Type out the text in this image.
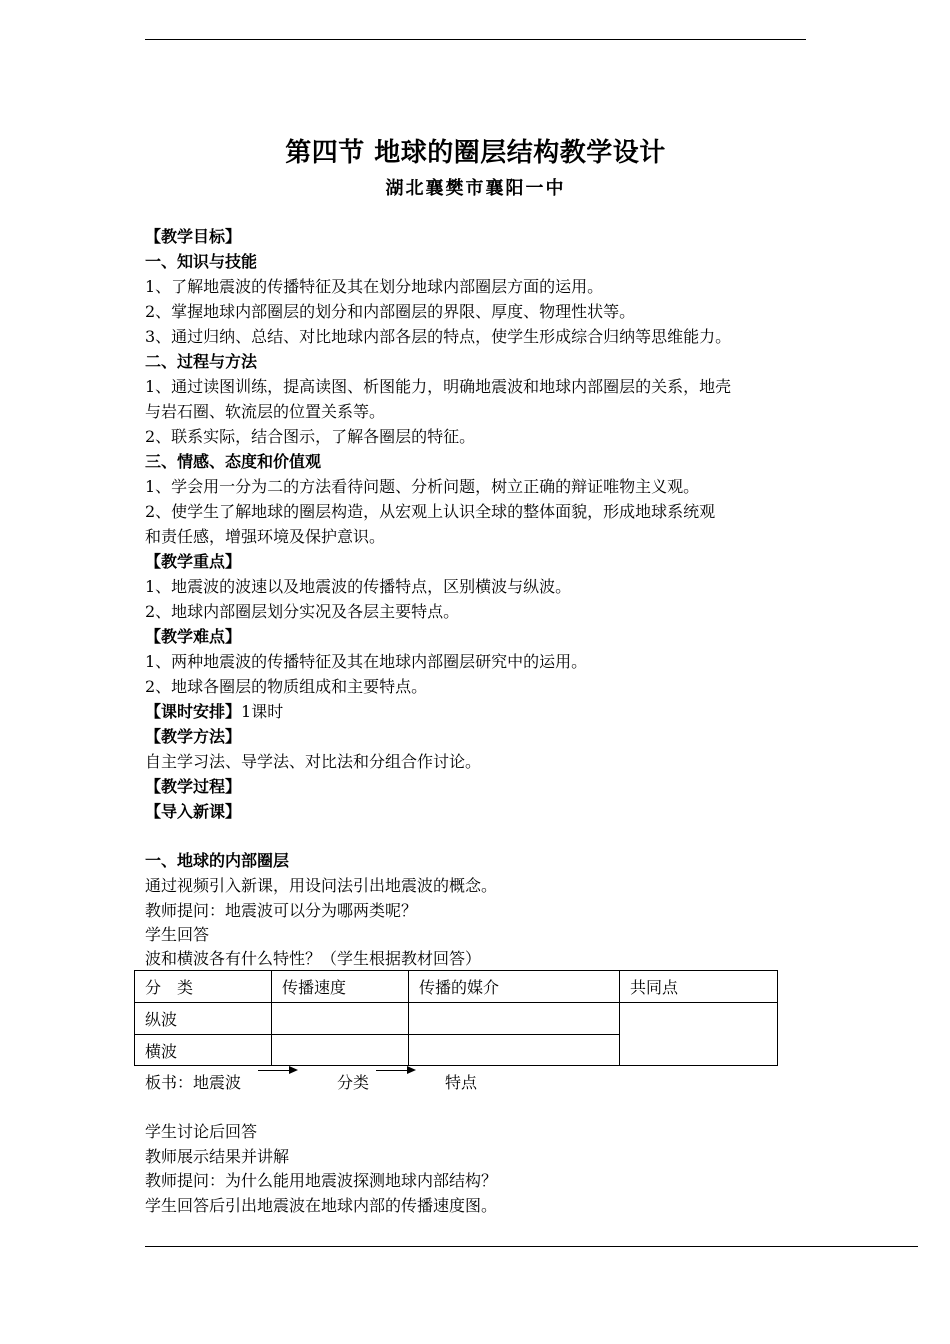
第四节 地球的圈层结构教学设计
湖北襄樊市襄阳一中
【教学目标】
一、知识与技能
1、了解地震波的传播特征及其在划分地球内部圈层方面的运用。
2、掌握地球内部圈层的划分和内部圈层的界限、厚度、物理性状等。
3、通过归纳、总结、对比地球内部各层的特点，使学生形成综合归纳等思维能力。
二、过程与方法
1、通过读图训练，提高读图、析图能力，明确地震波和地球内部圈层的关系，地壳
与岩石圈、软流层的位置关系等。
2、联系实际，结合图示，了解各圈层的特征。
三、情感、态度和价值观
1、学会用一分为二的方法看待问题、分析问题，树立正确的辩证唯物主义观。
2、使学生了解地球的圈层构造，从宏观上认识全球的整体面貌，形成地球系统观
和责任感，增强环境及保护意识。
【教学重点】
1、地震波的波速以及地震波的传播特点，区别横波与纵波。
2、地球内部圈层划分实况及各层主要特点。
【教学难点】
1、两种地震波的传播特征及其在地球内部圈层研究中的运用。
2、地球各圈层的物质组成和主要特点。
【课时安排】1课时
【教学方法】
自主学习法、导学法、对比法和分组合作讨论。
【教学过程】
【导入新课】
一、地球的内部圈层
通过视频引入新课，用设问法引出地震波的概念。
教师提问：地震波可以分为哪两类呢？
学生回答
波和横波各有什么特性？（学生根据教材回答）
分　类	传播速度	传播的媒介	共同点
纵波			
横波			
板书：地震波	分类	特点
学生讨论后回答
教师展示结果并讲解
教师提问：为什么能用地震波探测地球内部结构？
学生回答后引出地震波在地球内部的传播速度图。
